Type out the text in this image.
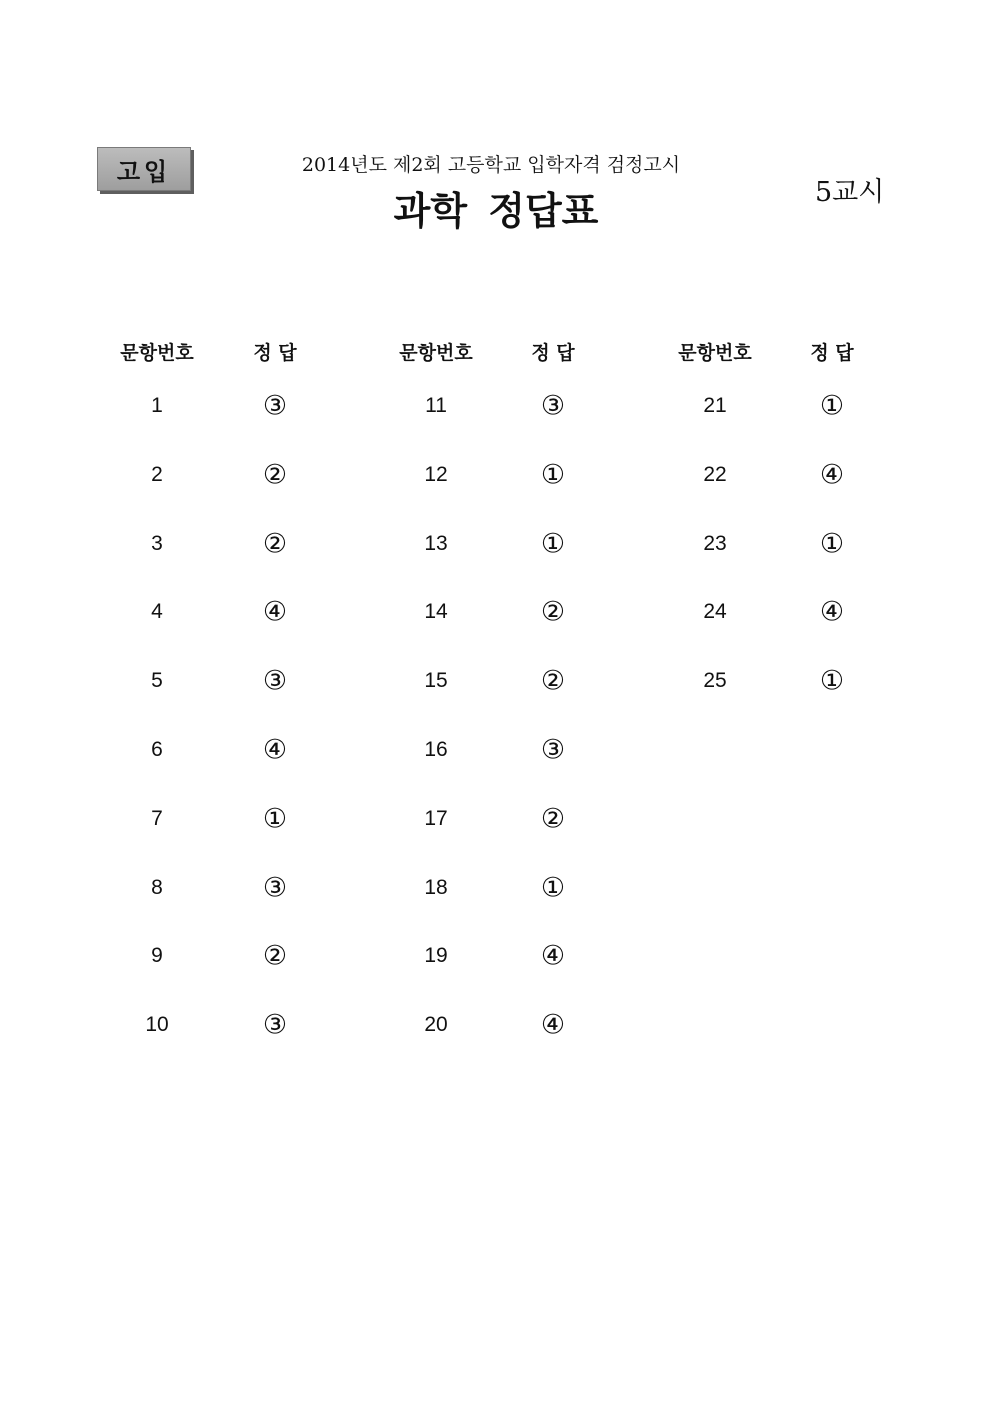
고입	2014년도 제2회 고등학교 입학자격 검정고시
과학 정답표	5교시
문항번호	정 답
1	③
2	②
3	②
4	④
5	③
6	④
7	①
8	③
9	②
10	③
문항번호	정 답
11	③
12	①
13	①
14	②
15	②
16	③
17	②
18	①
19	④
20	④
문항번호	정 답
21	①
22	④
23	①
24	④
25	①
